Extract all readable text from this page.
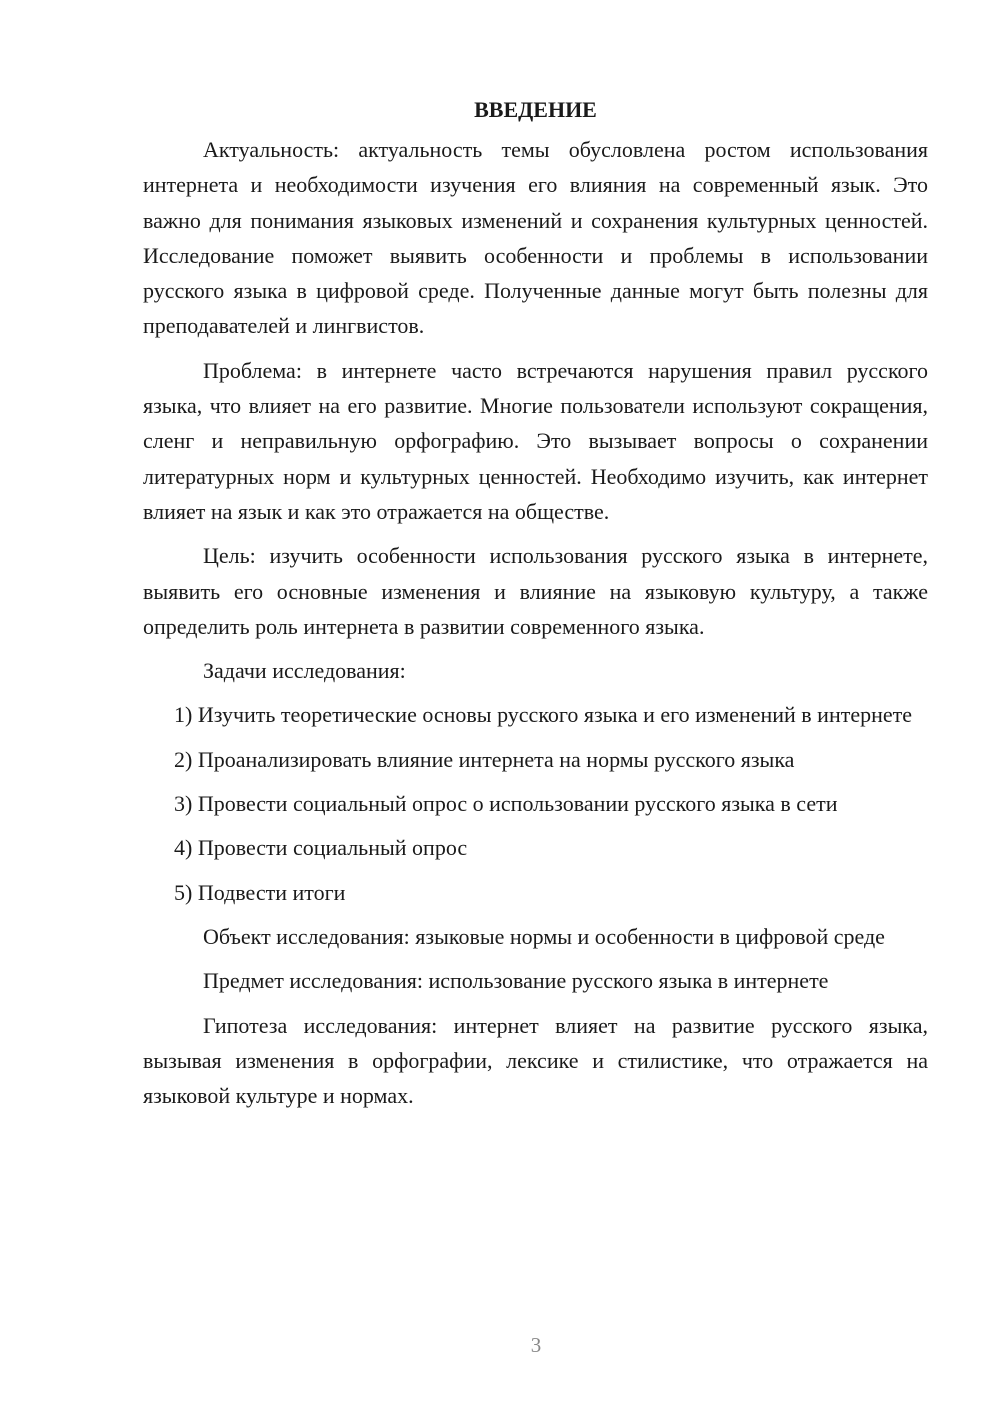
ВВЕДЕНИЕ

Актуальность: актуальность темы обусловлена ростом использования интернета и необходимости изучения его влияния на современный язык. Это важно для понимания языковых изменений и сохранения культурных ценностей. Исследование поможет выявить особенности и проблемы в использовании русского языка в цифровой среде. Полученные данные могут быть полезны для преподавателей и лингвистов.

Проблема: в интернете часто встречаются нарушения правил русского языка, что влияет на его развитие. Многие пользователи используют сокращения, сленг и неправильную орфографию. Это вызывает вопросы о сохранении литературных норм и культурных ценностей. Необходимо изучить, как интернет влияет на язык и как это отражается на обществе.

Цель: изучить особенности использования русского языка в интернете, выявить его основные изменения и влияние на языковую культуру, а также определить роль интернета в развитии современного языка.

Задачи исследования:

1) Изучить теоретические основы русского языка и его изменений в интернете

2) Проанализировать влияние интернета на нормы русского языка

3) Провести социальный опрос о использовании русского языка в сети

4) Провести социальный опрос

5) Подвести итоги

Объект исследования: языковые нормы и особенности в цифровой среде

Предмет исследования: использование русского языка в интернете

Гипотеза исследования: интернет влияет на развитие русского языка, вызывая изменения в орфографии, лексике и стилистике, что отражается на языковой культуре и нормах.

3
